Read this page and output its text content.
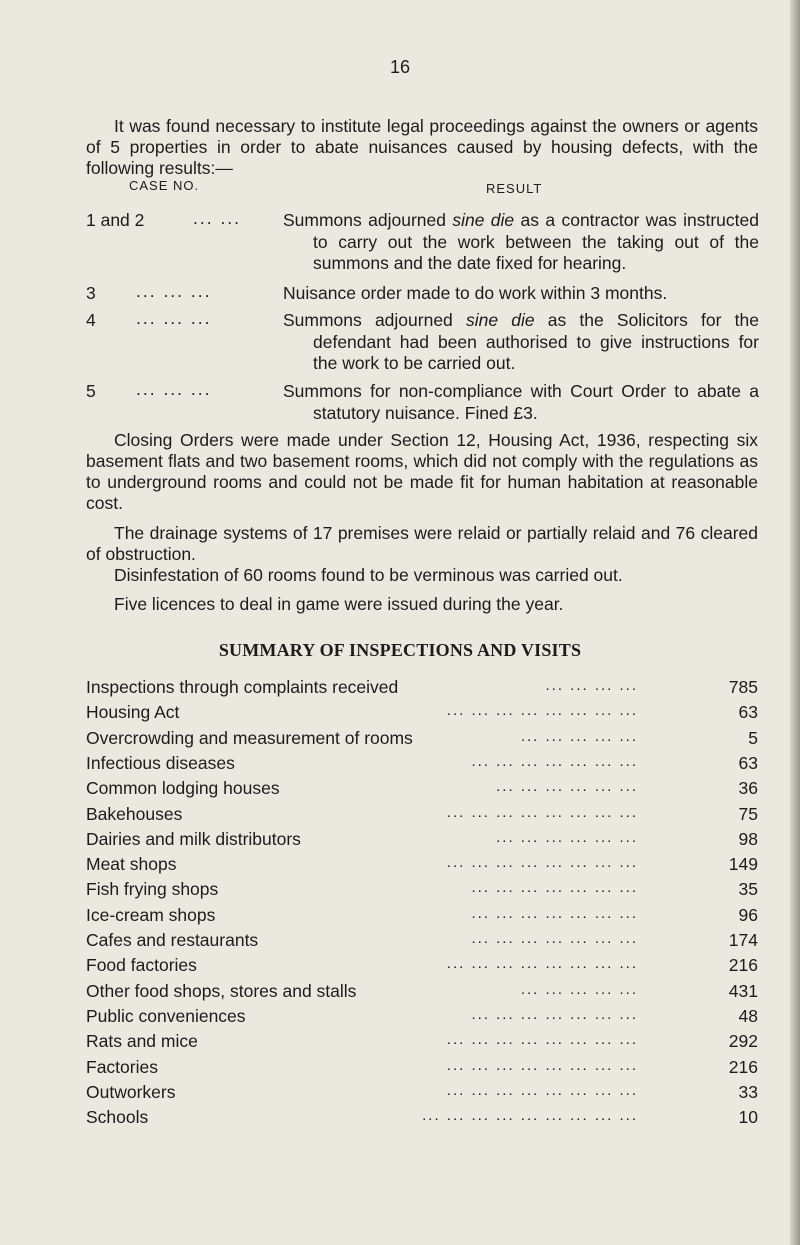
16
It was found necessary to institute legal proceedings against the owners or agents of 5 properties in order to abate nuisances caused by housing defects, with the following results:—
CASE NO.	RESULT
1 and 2	... ... Summons adjourned sine die as a contractor was instructed to carry out the work between the taking out of the summons and the date fixed for hearing.
3 ... ... ...	Nuisance order made to do work within 3 months.
4 ... ... ...	Summons adjourned sine die as the Solicitors for the defendant had been authorised to give instructions for the work to be carried out.
5 ... ... ...	Summons for non-compliance with Court Order to abate a statutory nuisance. Fined £3.
Closing Orders were made under Section 12, Housing Act, 1936, respecting six basement flats and two basement rooms, which did not comply with the regulations as to underground rooms and could not be made fit for human habitation at reasonable cost.
The drainage systems of 17 premises were relaid or partially relaid and 76 cleared of obstruction.
Disinfestation of 60 rooms found to be verminous was carried out.
Five licences to deal in game were issued during the year.
SUMMARY OF INSPECTIONS AND VISITS
Inspections through complaints received	... ... ... ...	785
Housing Act	... ... ... ... ... ... ... ...	63
Overcrowding and measurement of rooms	... ... ... ... ...	5
Infectious diseases	... ... ... ... ... ... ...	63
Common lodging houses	... ... ... ... ... ...	36
Bakehouses	... ... ... ... ... ... ... ...	75
Dairies and milk distributors	... ... ... ... ... ...	98
Meat shops	... ... ... ... ... ... ... ...	149
Fish frying shops	... ... ... ... ... ... ...	35
Ice-cream shops	... ... ... ... ... ... ...	96
Cafes and restaurants	... ... ... ... ... ... ...	174
Food factories	... ... ... ... ... ... ... ...	216
Other food shops, stores and stalls	... ... ... ... ...	431
Public conveniences	... ... ... ... ... ... ...	48
Rats and mice	... ... ... ... ... ... ... ...	292
Factories	... ... ... ... ... ... ... ...	216
Outworkers	... ... ... ... ... ... ... ...	33
Schools	... ... ... ... ... ... ... ... ...	10
